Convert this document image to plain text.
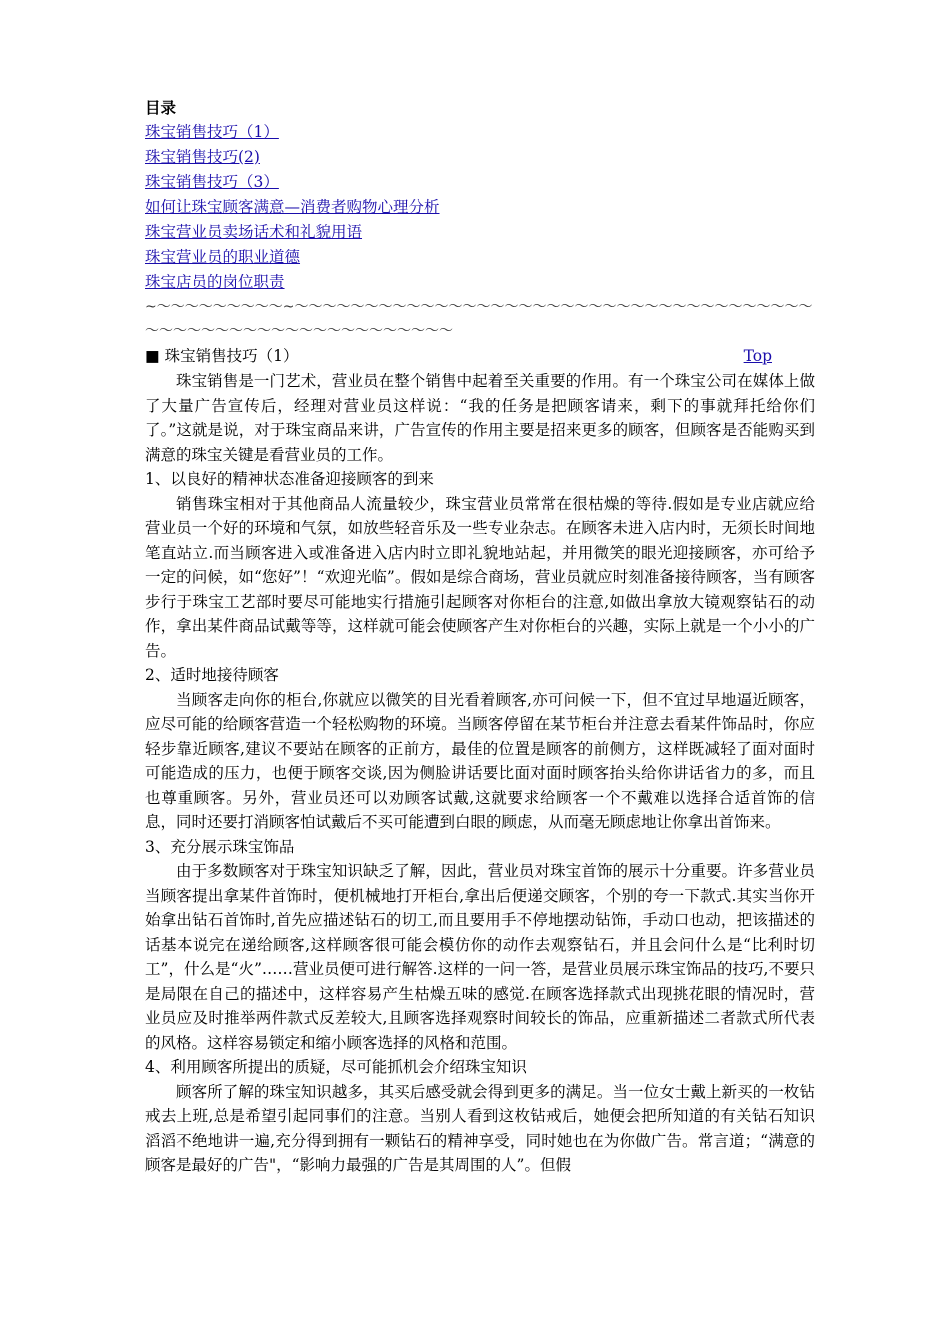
目录
珠宝销售技巧（1）
珠宝销售技巧(2)
珠宝销售技巧（3）
如何让珠宝顾客满意—消费者购物心理分析
珠宝营业员卖场话术和礼貌用语
珠宝营业员的职业道德
珠宝店员的岗位职责
~～～～～～～～～～~～～～～～～～～～～～～～～～～～～～～～～～～～～～～～～～～～～～～～～～～～～～～～～～～～～～～～～～～～～～
■ 珠宝销售技巧（1）	Top

珠宝销售是一门艺术，营业员在整个销售中起着至关重要的作用。有一个珠宝公司在媒体上做了大量广告宣传后，经理对营业员这样说：“我的任务是把顾客请来，剩下的事就拜托给你们了。”这就是说，对于珠宝商品来讲，广告宣传的作用主要是招来更多的顾客，但顾客是否能购买到满意的珠宝关键是看营业员的工作。

1、以良好的精神状态准备迎接顾客的到来

销售珠宝相对于其他商品人流量较少，珠宝营业员常常在很枯燥的等待.假如是专业店就应给营业员一个好的环境和气氛，如放些轻音乐及一些专业杂志。在顾客未进入店内时，无须长时间地笔直站立.而当顾客进入或准备进入店内时立即礼貌地站起，并用微笑的眼光迎接顾客，亦可给予一定的问候，如“您好”！“欢迎光临”。假如是综合商场，营业员就应时刻准备接待顾客，当有顾客步行于珠宝工艺部时要尽可能地实行措施引起顾客对你柜台的注意,如做出拿放大镜观察钻石的动作，拿出某件商品试戴等等，这样就可能会使顾客产生对你柜台的兴趣，实际上就是一个小小的广告。

2、适时地接待顾客

当顾客走向你的柜台,你就应以微笑的目光看着顾客,亦可问候一下，但不宜过早地逼近顾客，应尽可能的给顾客营造一个轻松购物的环境。当顾客停留在某节柜台并注意去看某件饰品时，你应轻步靠近顾客,建议不要站在顾客的正前方，最佳的位置是顾客的前侧方，这样既减轻了面对面时可能造成的压力，也便于顾客交谈,因为侧脸讲话要比面对面时顾客抬头给你讲话省力的多，而且也尊重顾客。另外，营业员还可以劝顾客试戴,这就要求给顾客一个不戴难以选择合适首饰的信息，同时还要打消顾客怕试戴后不买可能遭到白眼的顾虑，从而毫无顾虑地让你拿出首饰来。

3、充分展示珠宝饰品

由于多数顾客对于珠宝知识缺乏了解，因此，营业员对珠宝首饰的展示十分重要。许多营业员当顾客提出拿某件首饰时，便机械地打开柜台,拿出后便递交顾客，个别的夸一下款式.其实当你开始拿出钻石首饰时,首先应描述钻石的切工,而且要用手不停地摆动钻饰，手动口也动，把该描述的话基本说完在递给顾客,这样顾客很可能会模仿你的动作去观察钻石，并且会问什么是“比利时切工”，什么是“火”……营业员便可进行解答.这样的一问一答，是营业员展示珠宝饰品的技巧,不要只是局限在自己的描述中，这样容易产生枯燥五味的感觉.在顾客选择款式出现挑花眼的情况时，营业员应及时推举两件款式反差较大,且顾客选择观察时间较长的饰品，应重新描述二者款式所代表的风格。这样容易锁定和缩小顾客选择的风格和范围。

4、利用顾客所提出的质疑，尽可能抓机会介绍珠宝知识

顾客所了解的珠宝知识越多，其买后感受就会得到更多的满足。当一位女士戴上新买的一枚钻戒去上班,总是希望引起同事们的注意。当别人看到这枚钻戒后，她便会把所知道的有关钻石知识滔滔不绝地讲一遍,充分得到拥有一颗钻石的精神享受，同时她也在为你做广告。常言道；“满意的顾客是最好的广告"，“影响力最强的广告是其周围的人”。但假
